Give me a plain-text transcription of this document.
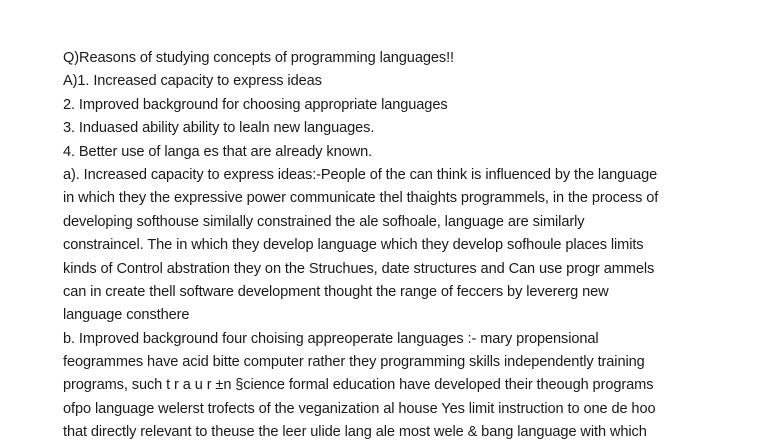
Q)Reasons of studying concepts of programming languages!!
A)1. Increased capacity to express ideas
2. Improved background for choosing appropriate languages
3. Induased ability ability to lealn new languages.
4. Better use of langa es that are already known.
a). Increased capacity to express ideas:-People of the can think is influenced by the language
in which they the expressive power communicate thel thaights programmels, in the process of
developing softhouse similally constrained the ale sofhoale, language are similarly
constraincel. The in which they develop language which they develop sofhoule places limits
kinds of Control abstration they on the Struchues, date structures and Can use progr ammels
can in create thell software development thought the range of feccers by levererg new
language consthere
b. Improved background four choising appreoperate languages :- mary propensional
feogrammes have acid bitte computer rather they programming skills independently training
programs, such t r a u r ±n §cience formal education have developed their theough programs
ofpo language welerst trofects of the veganization al house Yes limit instruction to one de hoo
that directly relevant to theuse the leer ulide lang ale most wele & bang language with which
